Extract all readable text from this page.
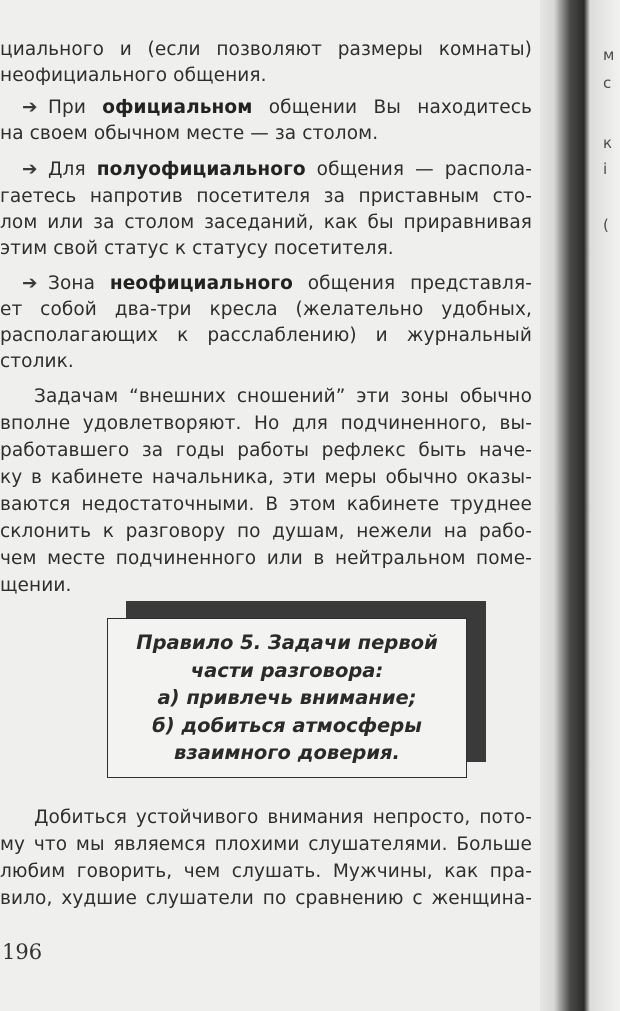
м
с
к
і
(
циального и (если позволяют размеры комнаты)
неофициального общения.
➔ При официальном общении Вы находитесь
на своем обычном месте — за столом.
➔ Для полуофициального общения — распола-
гаетесь напротив посетителя за приставным сто-
лом или за столом заседаний, как бы приравнивая
этим свой статус к статусу посетителя.
➔ Зона неофициального общения представля-
ет собой два-три кресла (желательно удобных,
располагающих к расслаблению) и журнальный
столик.
Задачам “внешних сношений” эти зоны обычно
вполне удовлетворяют. Но для подчиненного, вы-
работавшего за годы работы рефлекс быть наче-
ку в кабинете начальника, эти меры обычно оказы-
ваются недостаточными. В этом кабинете труднее
склонить к разговору по душам, нежели на рабо-
чем месте подчиненного или в нейтральном поме-
щении.
Правило 5. Задачи первой
части разговора:
а) привлечь внимание;
б) добиться атмосферы
взаимного доверия.
Добиться устойчивого внимания непросто, пото-
му что мы являемся плохими слушателями. Больше
любим говорить, чем слушать. Мужчины, как пра-
вило, худшие слушатели по сравнению с женщина-
196
